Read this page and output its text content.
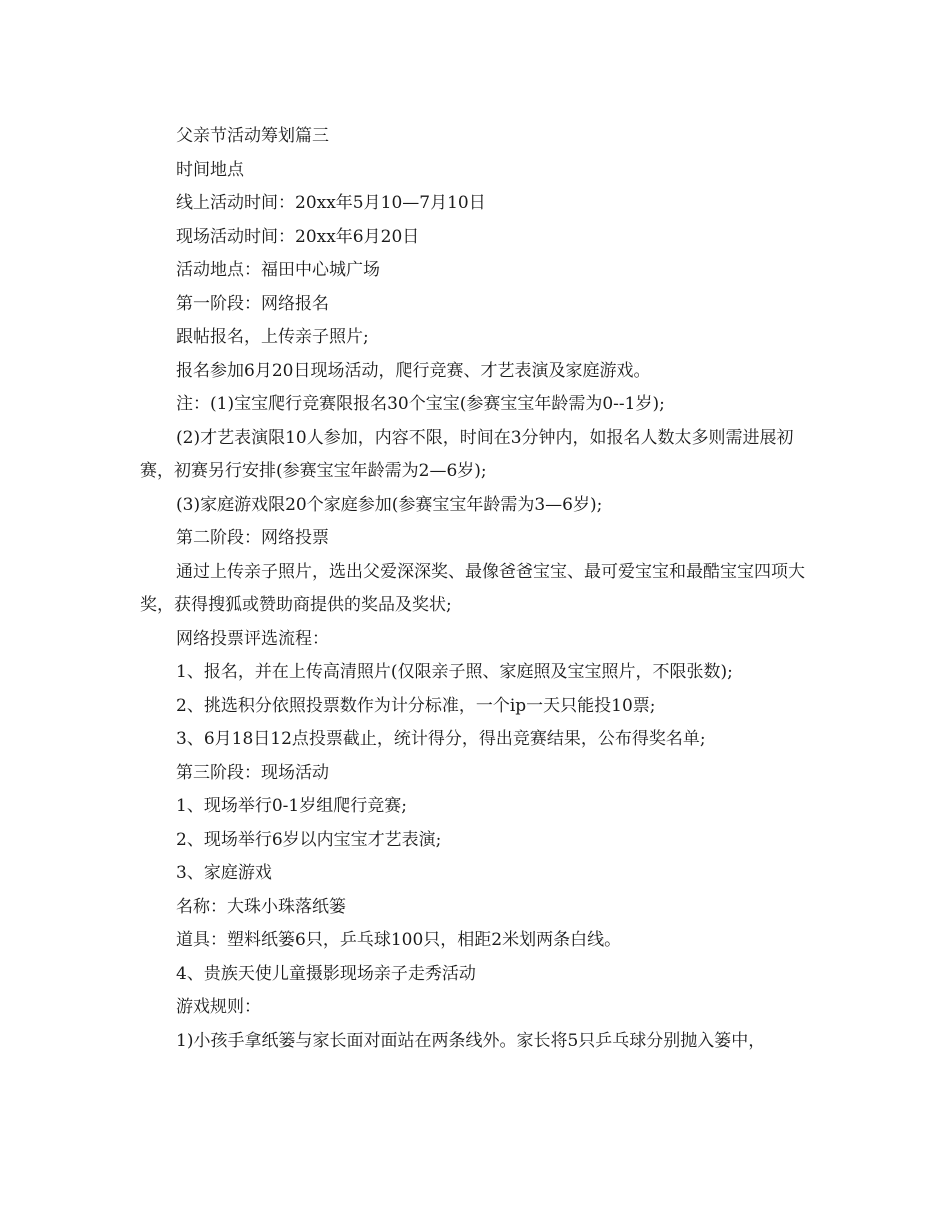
父亲节活动筹划篇三

时间地点

线上活动时间：20xx年5月10—7月10日

现场活动时间：20xx年6月20日

活动地点：福田中心城广场

第一阶段：网络报名

跟帖报名，上传亲子照片;

报名参加6月20日现场活动，爬行竞赛、才艺表演及家庭游戏。

注：(1)宝宝爬行竞赛限报名30个宝宝(参赛宝宝年龄需为0--1岁);

(2)才艺表演限10人参加，内容不限，时间在3分钟内，如报名人数太多则需进展初赛，初赛另行安排(参赛宝宝年龄需为2—6岁);

(3)家庭游戏限20个家庭参加(参赛宝宝年龄需为3—6岁);

第二阶段：网络投票

通过上传亲子照片，选出父爱深深奖、最像爸爸宝宝、最可爱宝宝和最酷宝宝四项大奖，获得搜狐或赞助商提供的奖品及奖状;

网络投票评选流程：

1、报名，并在上传高清照片(仅限亲子照、家庭照及宝宝照片，不限张数);

2、挑选积分依照投票数作为计分标准，一个ip一天只能投10票;

3、6月18日12点投票截止，统计得分，得出竞赛结果，公布得奖名单;

第三阶段：现场活动

1、现场举行0-1岁组爬行竞赛;

2、现场举行6岁以内宝宝才艺表演;

3、家庭游戏

名称：大珠小珠落纸篓

道具：塑料纸篓6只，乒乓球100只，相距2米划两条白线。

4、贵族天使儿童摄影现场亲子走秀活动

游戏规则：

1)小孩手拿纸篓与家长面对面站在两条线外。家长将5只乒乓球分别抛入篓中，
